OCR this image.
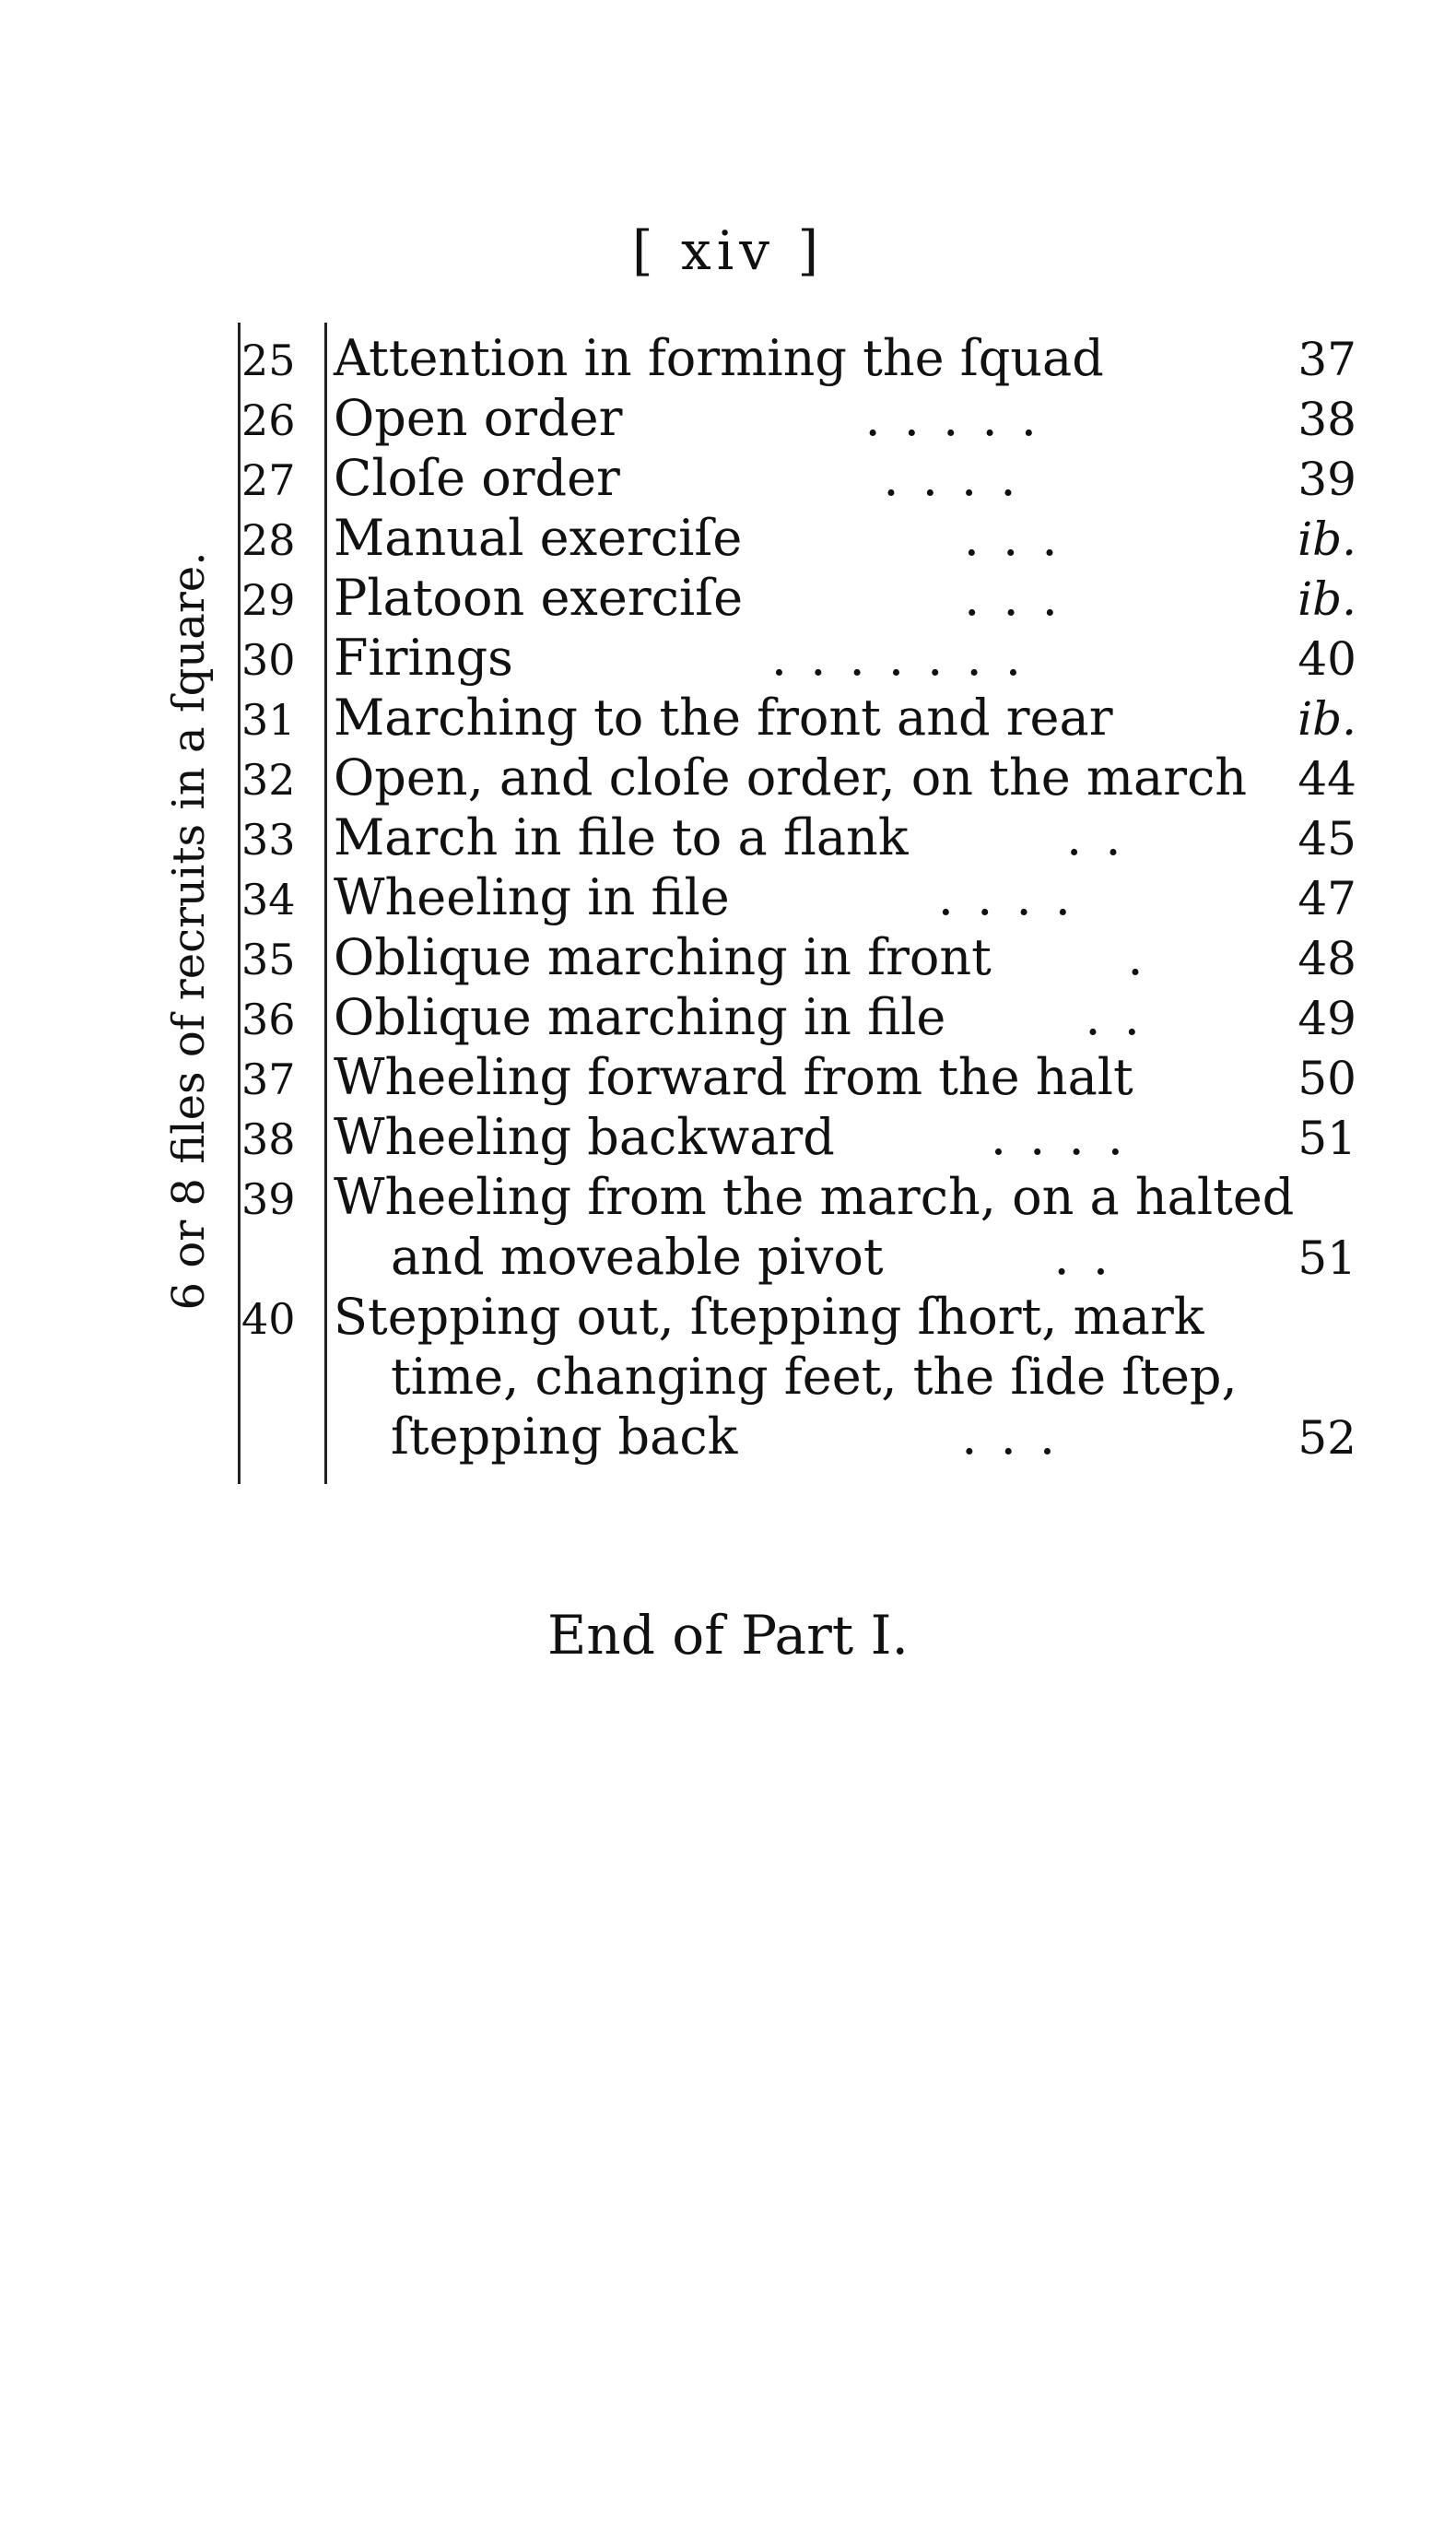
[ xiv ]
6 or 8 files of recruits in a ſquare.
25 Attention in forming the ſquad	37
26 Open order	. . . . .	38
27 Cloſe order	. . . .	39
28 Manual exerciſe	. . .	ib.
29 Platoon exerciſe	. . .	ib.
30 Firings	. . . . . . .	40
31 Marching to the front and rear	ib.
32 Open, and cloſe order, on the march	44
33 March in file to a flank	. .	45
34 Wheeling in file	. . . .	47
35 Oblique marching in front	.	48
36 Oblique marching in file	. .	49
37 Wheeling forward from the halt	50
38 Wheeling backward	. . . .	51
39 Wheeling from the march, on a halted
and moveable pivot	. .	51
40 Stepping out, ſtepping ſhort, mark
time, changing feet, the ſide ſtep,
ſtepping back	. . .	52
End of Part I.
